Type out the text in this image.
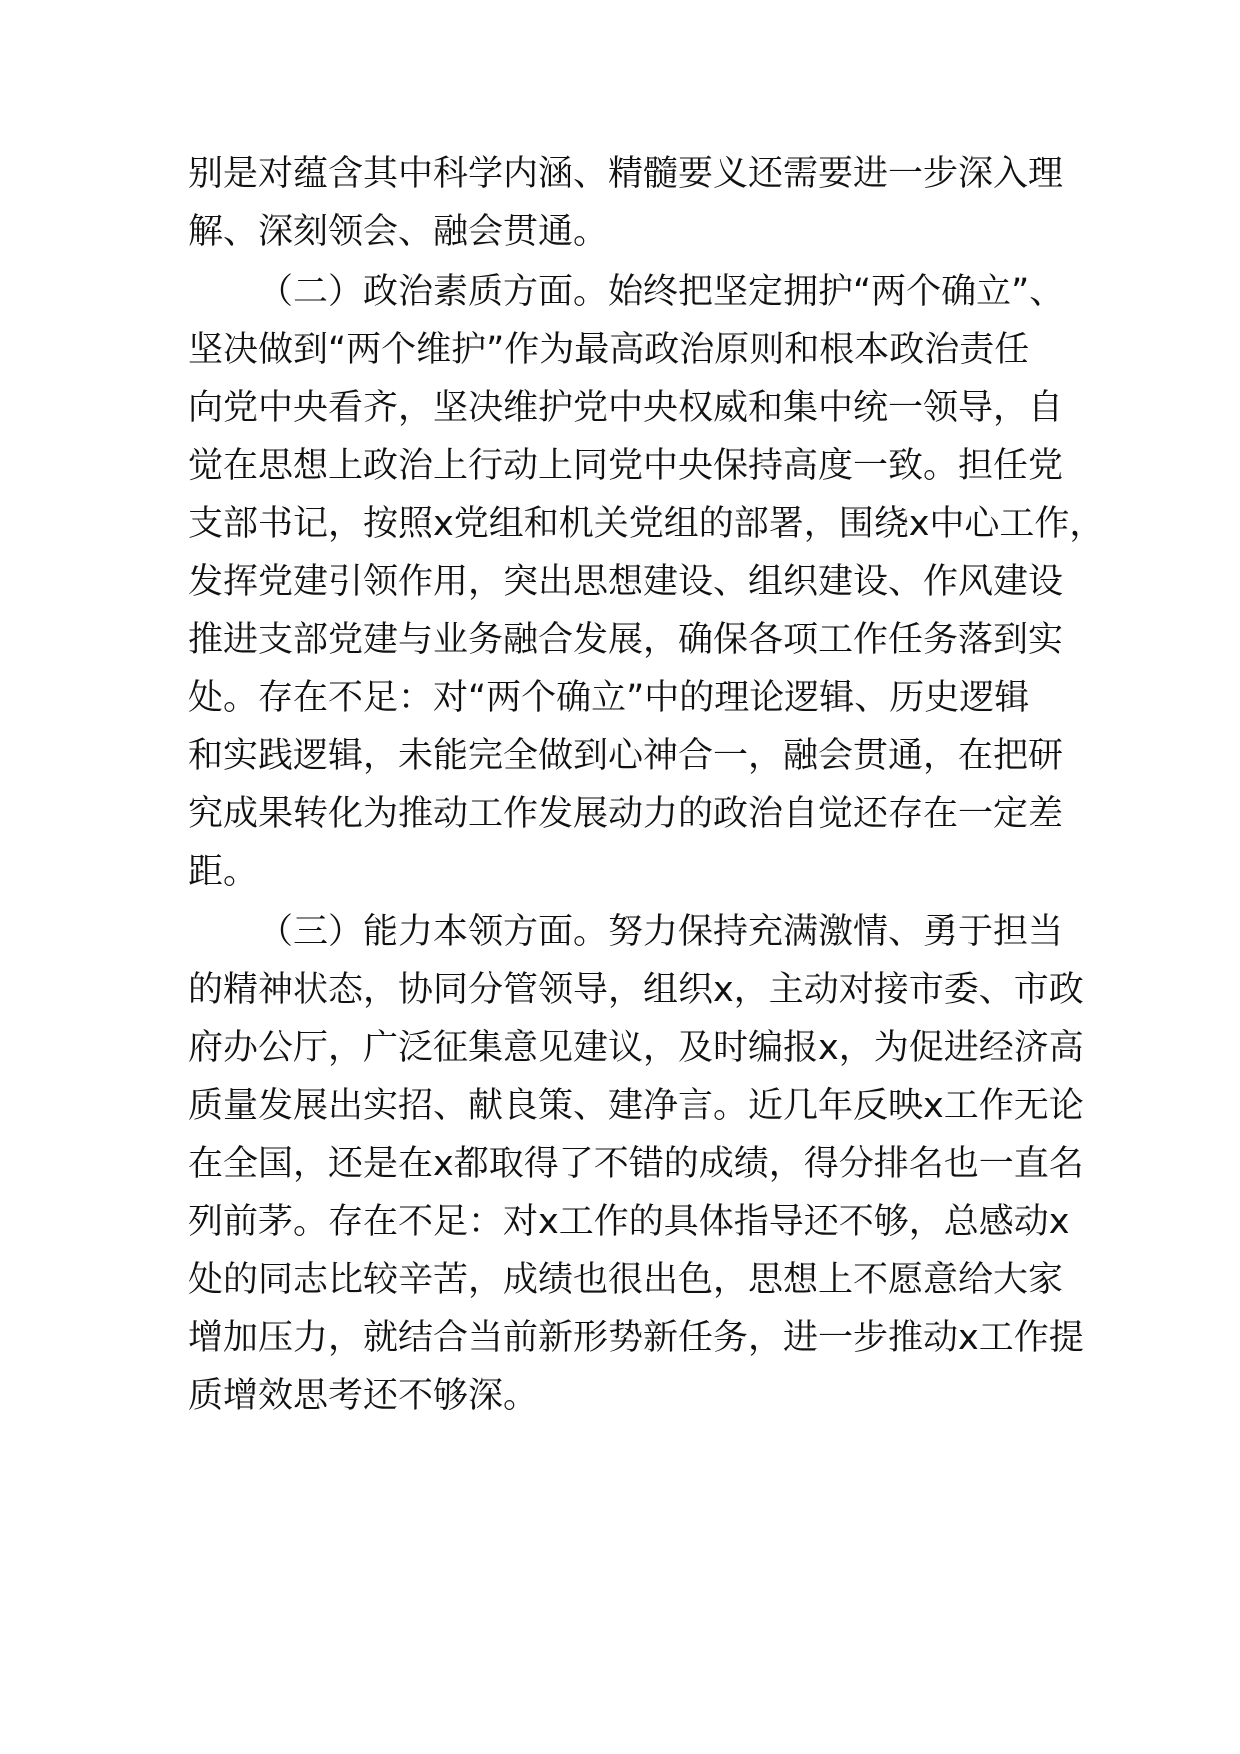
别是对蕴含其中科学内涵、精髓要义还需要进一步深入理
解、深刻领会、融会贯通。
（二）政治素质方面。始终把坚定拥护“两个确立”、
坚决做到“两个维护”作为最高政治原则和根本政治责任
向党中央看齐，坚决维护党中央权威和集中统一领导，自
觉在思想上政治上行动上同党中央保持高度一致。担任党
支部书记，按照x党组和机关党组的部署，围绕x中心工作，
发挥党建引领作用，突出思想建设、组织建设、作风建设
推进支部党建与业务融合发展，确保各项工作任务落到实
处。存在不足：对“两个确立”中的理论逻辑、历史逻辑
和实践逻辑，未能完全做到心神合一，融会贯通，在把研
究成果转化为推动工作发展动力的政治自觉还存在一定差
距。
（三）能力本领方面。努力保持充满激情、勇于担当
的精神状态，协同分管领导，组织x，主动对接市委、市政
府办公厅，广泛征集意见建议，及时编报x，为促进经济高
质量发展出实招、献良策、建净言。近几年反映x工作无论
在全国，还是在x都取得了不错的成绩，得分排名也一直名
列前茅。存在不足：对x工作的具体指导还不够，总感动x
处的同志比较辛苦，成绩也很出色，思想上不愿意给大家
增加压力，就结合当前新形势新任务，进一步推动x工作提
质增效思考还不够深。
